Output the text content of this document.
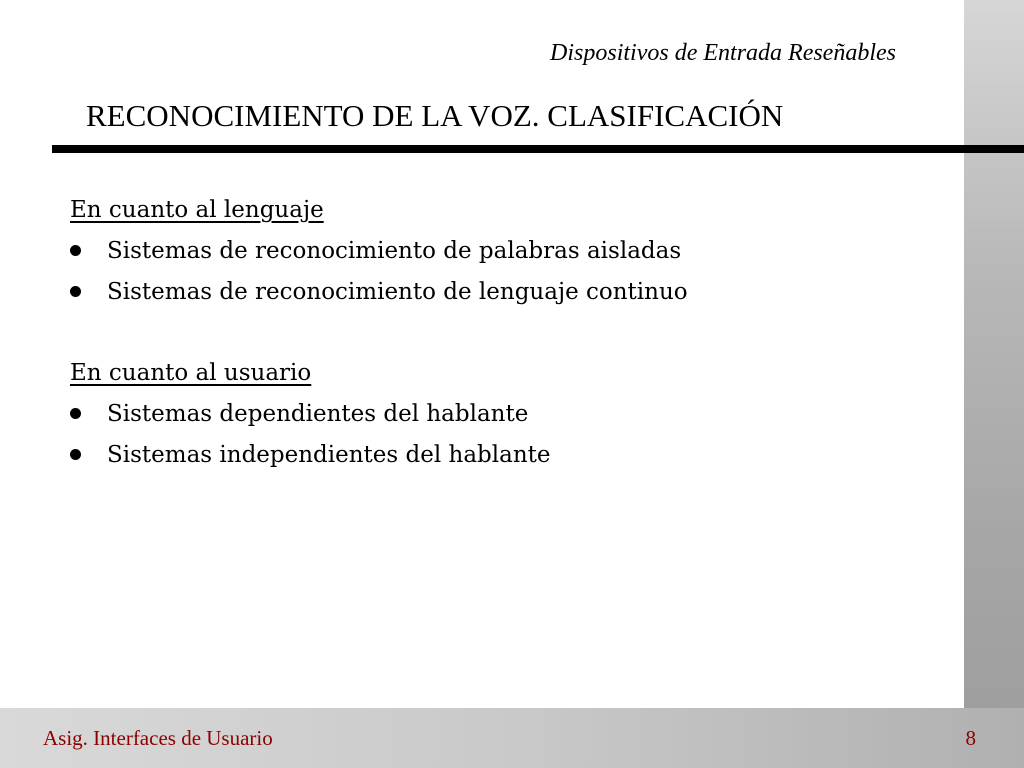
Dispositivos de Entrada Reseñables
RECONOCIMIENTO DE LA VOZ. CLASIFICACIÓN
En cuanto al lenguaje
Sistemas de reconocimiento de palabras aisladas
Sistemas de reconocimiento de lenguaje continuo
En cuanto al usuario
Sistemas dependientes del hablante
Sistemas independientes del hablante
Asig. Interfaces de Usuario	8
